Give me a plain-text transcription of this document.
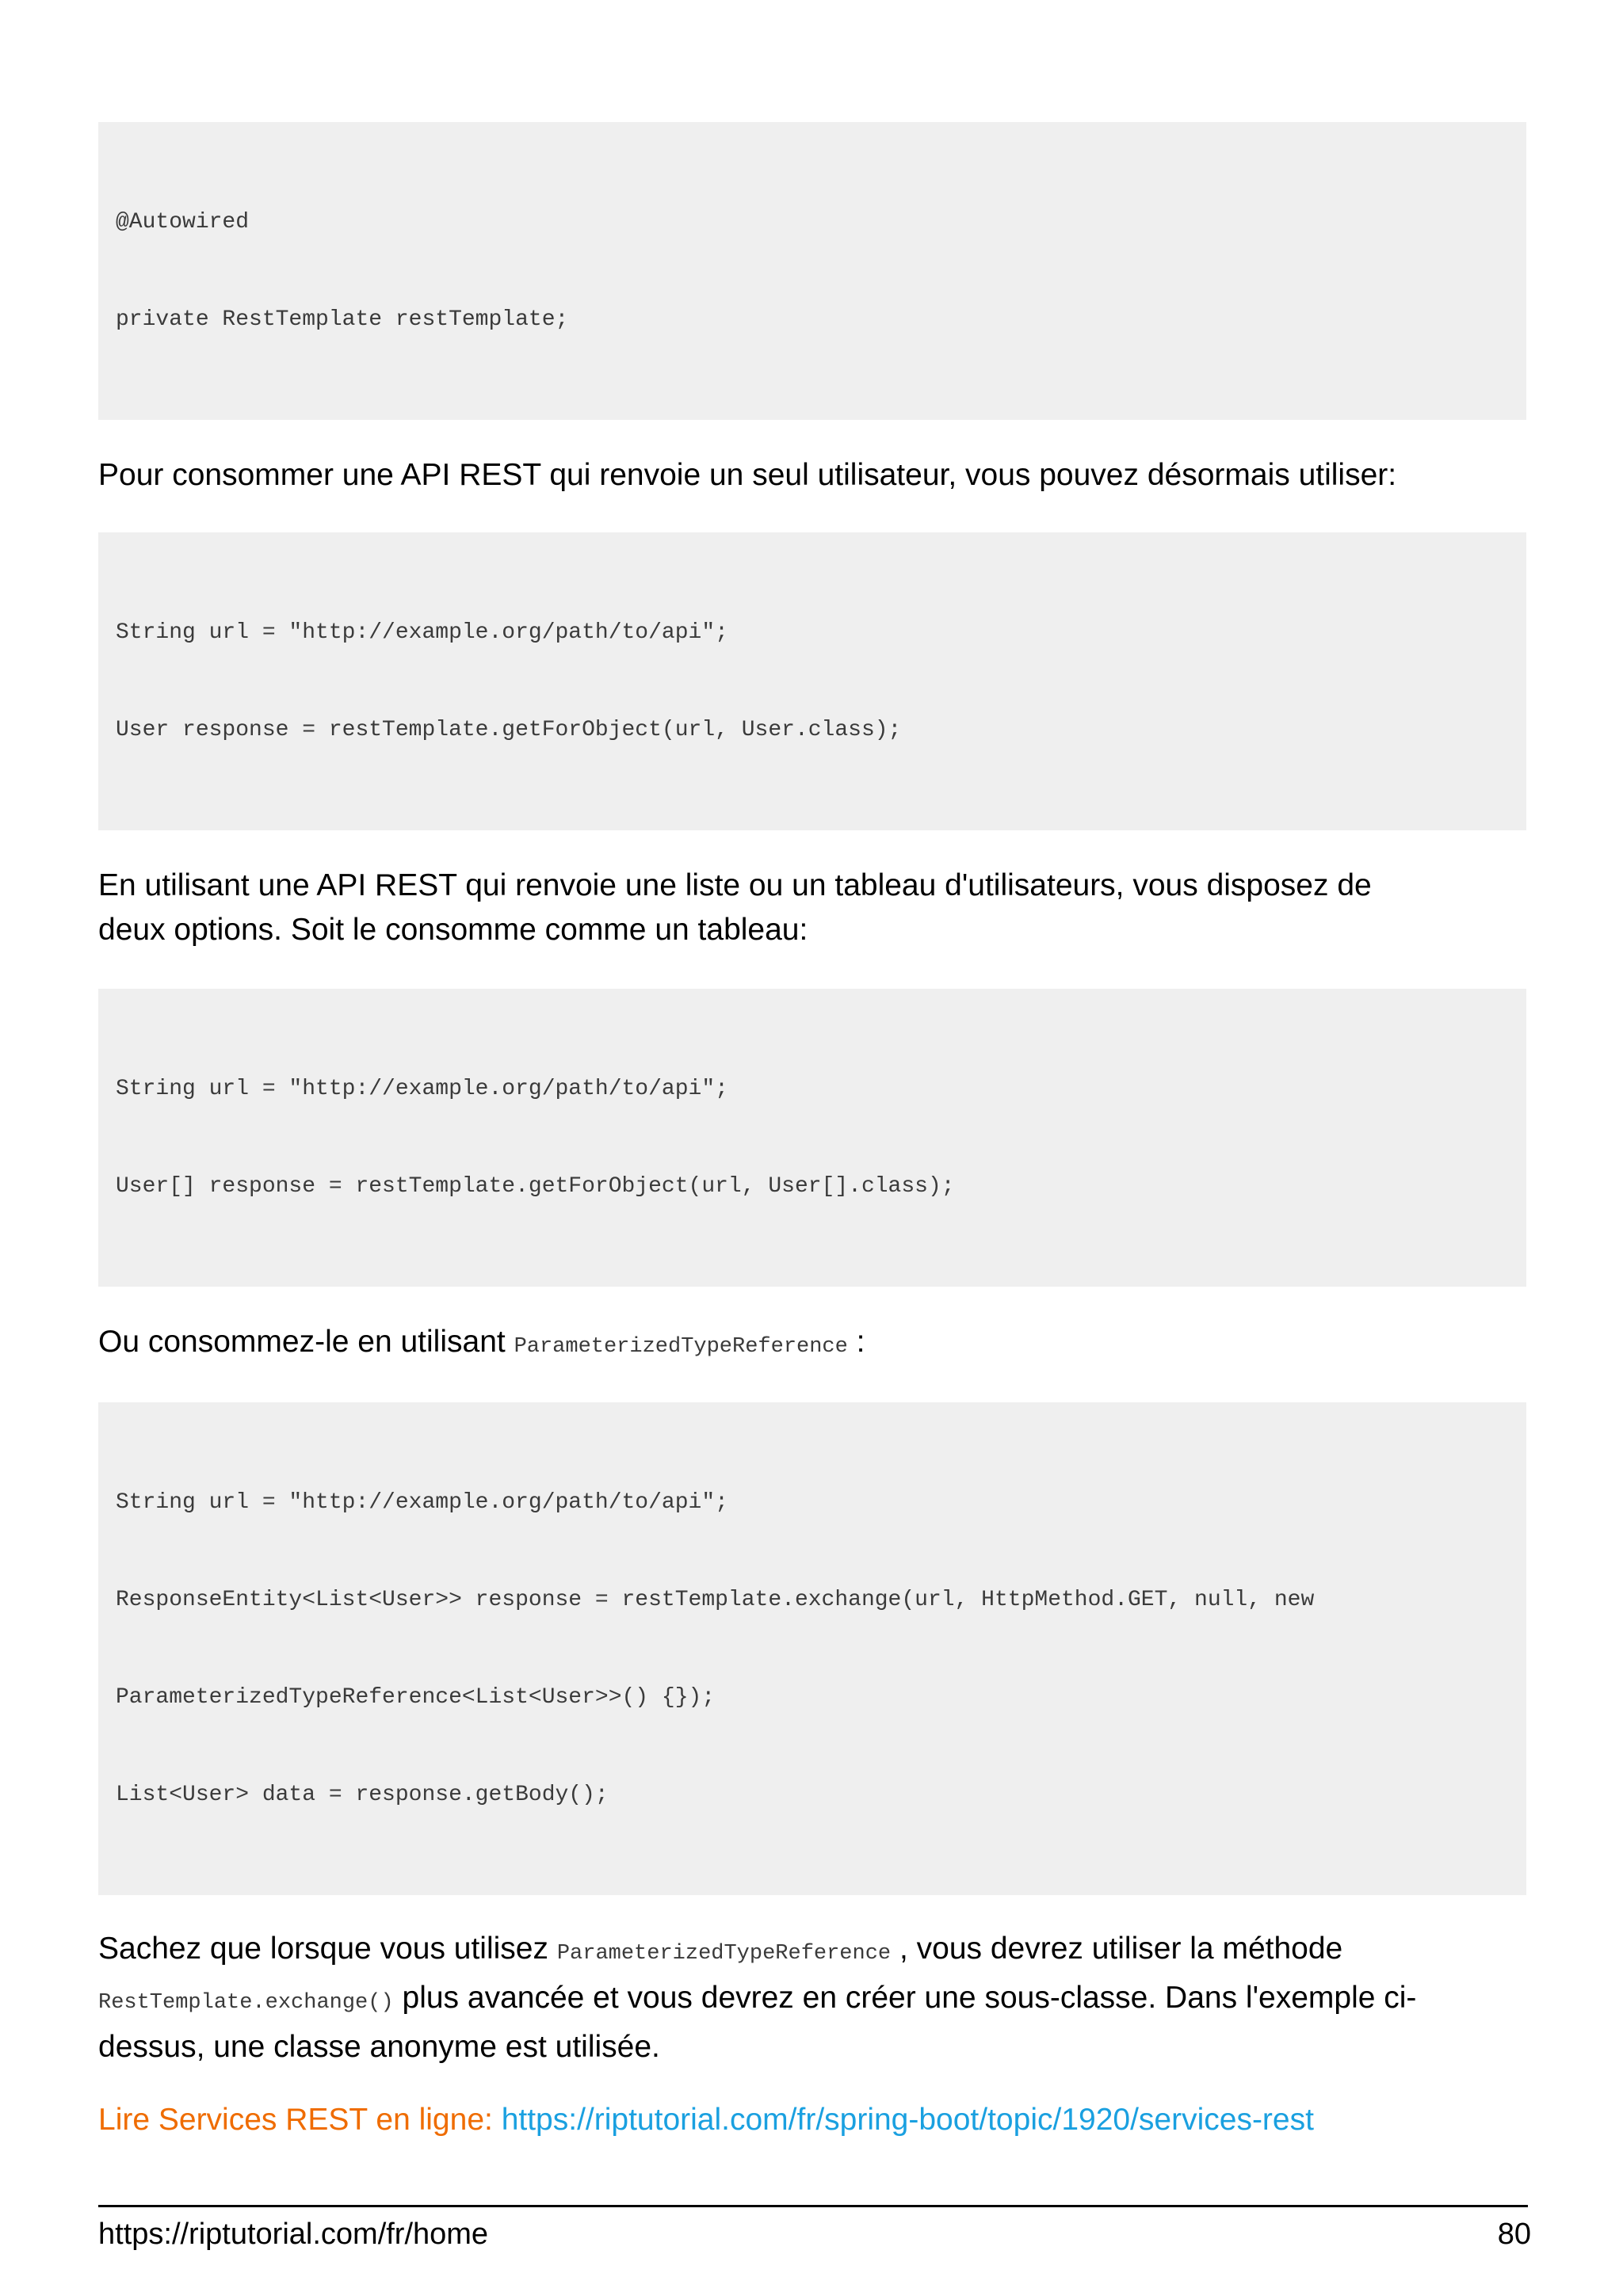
@Autowired

private RestTemplate restTemplate;

Pour consommer une API REST qui renvoie un seul utilisateur, vous pouvez désormais utiliser:

String url = "http://example.org/path/to/api";

User response = restTemplate.getForObject(url, User.class);

En utilisant une API REST qui renvoie une liste ou un tableau d'utilisateurs, vous disposez de
deux options. Soit le consomme comme un tableau:

String url = "http://example.org/path/to/api";

User[] response = restTemplate.getForObject(url, User[].class);

Ou consommez-le en utilisant ParameterizedTypeReference :

String url = "http://example.org/path/to/api";

ResponseEntity<List<User>> response = restTemplate.exchange(url, HttpMethod.GET, null, new

ParameterizedTypeReference<List<User>>() {});

List<User> data = response.getBody();

Sachez que lorsque vous utilisez ParameterizedTypeReference , vous devrez utiliser la méthode
RestTemplate.exchange() plus avancée et vous devrez en créer une sous-classe. Dans l'exemple ci-
dessus, une classe anonyme est utilisée.

Lire Services REST en ligne: https://riptutorial.com/fr/spring-boot/topic/1920/services-rest

https://riptutorial.com/fr/home	80
